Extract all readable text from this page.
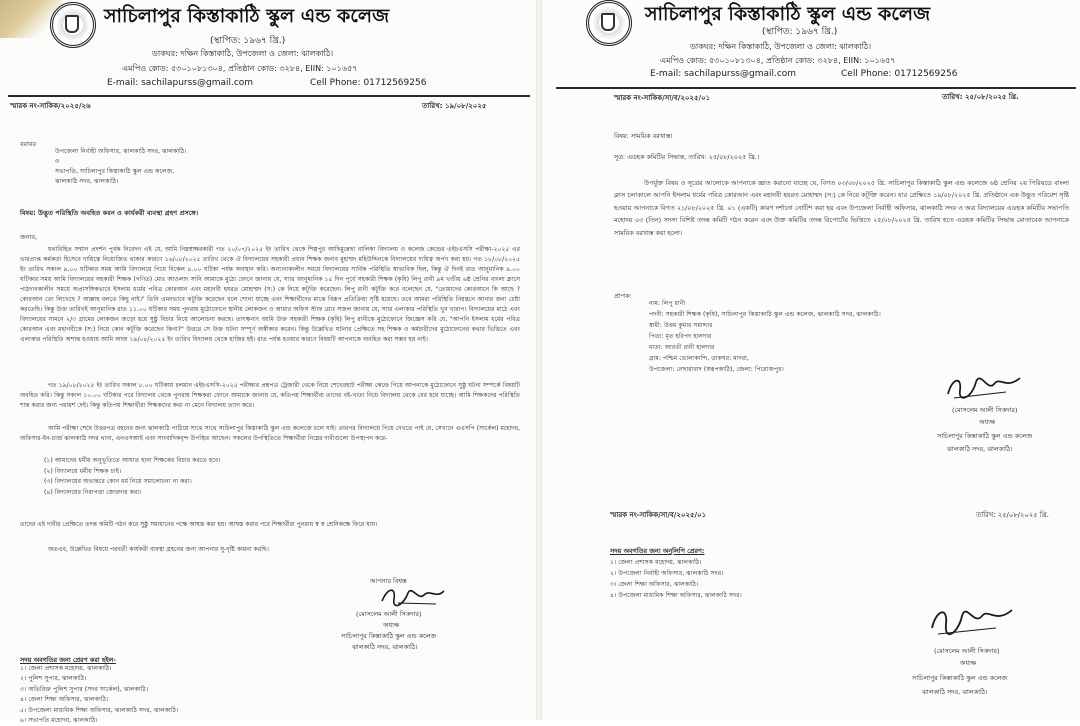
সাচিলাপুর কিস্তাকাঠি স্কুল এন্ড কলেজ
(স্থাপিত: ১৯৬৭ খ্রি.)
ডাকঘর: দক্ষিন কিস্তাকাঠি, উপজেলা ও জেলা: ঝালকাঠি।
এমপিও কোড: ৫৩০১০৮১৩০৪, প্রতিষ্ঠান কোড: ৩২৮৪, EIIN: ১০১৬৫৭
E-mail: sachilapurss@gmail.com	Cell Phone: 01712569256
স্মারক নং-সাকিক/২০২৫/২৬	তারিখ: ১৯/০৮/২০২৫
বরাবর
উপজেলা নির্বাহী অফিসার, ঝালকাঠি সদর, ঝালকাঠি।
ও
সভাপতি, সাচিলাপুর কিস্তাকাঠি স্কুল এন্ড কলেজ,
ঝালকাঠি সদর, ঝালকাঠি।
বিষয়: উদ্ভূত পরিস্থিতি অবহিত করন ও কার্যকরী ব্যবস্থা গ্রহণ প্রসঙ্গে।
জনাব,
যথাবিহিত সম্মান প্রদর্শন পূর্বক নিবেদন এই যে, আমি নিম্নস্বাক্ষরকারী গত ২০/০৭/২০২৫ ইং তারিখ থেকে শিল্পপুর আছিমুন্নেছা বালিকা বিদ্যালয় ও কলেজ কেন্দ্রের এইচএসসি পরীক্ষা-২০২৫ এর ভারপ্রাপ্ত কর্মকর্তা হিসেবে দায়িত্বে নিয়োজিত থাকার কারণে ১৬/০৮/২০২৫ তারিখ থেকে ঐ বিদ্যালয়ের সহকারী প্রধান শিক্ষক জনাব মুহাম্মদ মহিউদ্দিনকে বিদ্যালয়ের দায়িত্ব অর্পণ করা হয়। গত ১৮/০৮/২০২৫ ইং তারিখ সকাল ৯.০০ ঘটিকার সময় আমি বিদ্যালয়ে গিয়ে বিকেল ৪.০০ ঘটিকা পর্যন্ত অবস্থান করি। অন্যান্যকালীন সময়ে বিদ্যালয়ের সার্বিক পরিস্থিতি স্বাভাবিক ছিল, কিন্তু ঐ দিনই রাত আনুমানিক ৯.০০ ঘটিকার সময় আমি বিদ্যালয়ের সহকারী শিক্ষক (গণিত) মোঃ আওলাদ সানি আমাকে মুঠো ফোনে জানায় যে, স্যার আনুমানিক ১৫ দিন পূর্বে সহকারী শিক্ষক (কৃষি) লিপু রানী ৯ম খণ্ডীয় ৬ষ্ঠ শ্রেনির বাংলা ক্লাসে পাঠদানকালীন সময়ে অপ্রাসঙ্গিকভাবে ইসলাম ধর্মের পবিত্র কোরআন এবং মহানবী হযরত মোহাম্মদ (স:) কে নিয়ে কটূক্তি করেছেন। লিপু রানী কটূক্তি করে বলেছেন যে, "তোমাদের কোরআনে কি আছে ? কোরআন তো লিখেছে ? আল্লাহ বলতে কিছু নাই।" তিনি এমনভাবে কটূক্তি করেছেন বলে শোনা যাচ্ছে এবং শিক্ষার্থীদের মাঝে বিরূপ প্রতিক্রিয়া সৃষ্টি হয়েছে। তবে আমরা পরিস্থিতি নিয়ন্ত্রনে আনার জন্য চেষ্টা করতেছি। কিন্তু উক্ত তারিখই আনুমানিক রাত ১১.০০ ঘটিকার সময় পুনরায় মুঠোফোনে স্থানীয় লোকজন ও আমার অফিস স্টাফ মোঃ সজল জানায় যে, স্যার এলাকার পরিস্থিতি খুব খারাপ। বিদ্যালয়ের মাঠে এবং বিদ্যালয়ের সামনে ২/৩ গ্রামের লোকজন জড়ো হয়ে সুষ্ঠু বিচার নিয়ে আলোচনা করছে। তাৎক্ষনাৎ আমি উক্ত সহকারী শিক্ষক (কৃষি) লিপু রানীকে মুঠোফোনে জিজ্ঞেস করি যে, "আপনি ইসলাম ধর্মের পবিত্র কোরআন এবং মহানবীকে (স:) নিয়ে কোন কটূক্তি করেছেন কিনা?" উত্তরে সে উক্ত ঘটনা সম্পূর্ণ অস্বীকার করেন। কিন্তু উল্লেখিত ঘটনার প্রেক্ষিতে সহ শিক্ষক ও কর্মচারীদের মুঠোফোনের কথার ভিত্তিতে এবং এলাকার পরিস্থিতি অশান্ত হওয়ায় আমি আজ ১৯/০৮/২০২৫ ইং তারিখ বিদ্যালয় থেকে হাজির হই। রাত পর্যন্ত হওয়ার কারণে বিষয়টি আপনাকে অবহিত করা সম্ভব হয় নাই।
গত ১৯/০৮/২০২৫ ইং তারিখ সকাল ৮.০০ ঘটিকায় চলমান এইচএসসি-২০২৫ পরীক্ষার প্রশ্নপত্র ট্রেজারী থেকে নিয়ে শেখেরহাট পরীক্ষা কেন্দ্রে গিয়ে আপনাকে মুঠোফোনে সুষ্ঠু ঘটনা সম্পর্কে বিষয়টি অবহিত করি। কিন্তু সকাল ১০.০০ ঘটিকার পরে বিদ্যালয় থেকে পুনরায় শিক্ষকরা ফোনে আমাকে জানায় যে, কতিপয় শিক্ষার্থীরা তাদের বই-খাতা নিয়ে বিদ্যালয় থেকে বের হয়ে যাচ্ছে। আমি শিক্ষকদের পরিস্থিতি শান্ত করার জন্য পরামর্শ দেই। কিন্তু কতিপয় শিক্ষার্থীরা শিক্ষকদের কথা না মেনে বিদ্যালয় ত্যাগ করে।
আমি পরীক্ষা শেষে উত্তরপত্র বহনের জন্য ঝালকাঠি পাঠিয়ে সাথে সাথে সাচিলাপুর কিস্তাকাঠি স্কুল এন্ড কলেজে চলে যাই। তারপর বিদ্যালয়ে গিয়ে দেখতে পাই যে, সেখানে এএসপি (সার্কেল) মহোদয়, অফিসার-ইন-চার্জ ঝালকাঠি সদর থানা, এনএসআই এবং সাংবাদিকবৃন্দ উপস্থিত আছেন। সকলের উপস্থিতিতে শিক্ষার্থীরা নিম্নের দাবীগুলো উপস্থাপন করে-
(১) আমাদের ধর্মীয় অনুভূতিতে আঘাত হানা শিক্ষকের বিচার করতে হবে।
(২) বিদ্যালয়ে ধর্মীয় শিক্ষক চাই।
(৩) বিদ্যালয়ের অভ্যন্তরে কোন ধর্ম নিয়ে সমালোচনা না করা।
(৪) বিদ্যালয়ের নিরাপত্তা জোরদার করা।
তাদের এই দাবীর প্রেক্ষিতে তদন্ত কমিটি গঠন করে সুষ্ঠু সমাধানের পক্ষে আশ্বস্ত করা হয়। আশ্বস্ত করার পরে শিক্ষার্থীরা পুনরায় স্ব স্ব শ্রেনিকক্ষে ফিরে যায়।
অতএব, উল্লেখিত বিষয়ে পরবর্তী কার্যকরী ব্যবস্থা গ্রহনের জন্য আপনার সু-দৃষ্টি কামনা করছি।
আপনার বিশ্বস্ত
(মোসলেম আলী সিকদার)
অধ্যক্ষ
সাচিলাপুর কিস্তাকাঠি স্কুল এন্ড কলেজ
ঝালকাঠি সদর, ঝালকাঠি।
সদয় অবগতির জন্য প্রেরণ করা হইল-
১। জেলা প্রশাসক মহোদয়, ঝালকাঠি।
২। পুলিশ সুপার, ঝালকাঠি।
৩। অতিরিক্ত পুলিশ সুপার (সদর সার্কেল), ঝালকাঠি।
৪। জেলা শিক্ষা অফিসার, ঝালকাঠি।
৫। উপজেলা মাধ্যমিক শিক্ষা অফিসার, ঝালকাঠি সদর, ঝালকাঠি।
৬। সভাপতি মহোদয়, ঝালকাঠি।
সাচিলাপুর কিস্তাকাঠি স্কুল এন্ড কলেজ
(স্থাপিত: ১৯৬৭ খ্রি.)
ডাকঘর: দক্ষিন কিস্তাকাঠি, উপজেলা ও জেলা: ঝালকাঠি।
এমপিও কোড: ৫৩০১০৮১৩০৪, প্রতিষ্ঠান কোড: ৩২৮৪, EIIN: ১০১৬৫৭
E-mail: sachilapurss@gmail.com	Cell Phone: 01712569256
স্মারক নং-সাকিক/সা/ব/২০২৫/০১	তারিখ: ২৫/০৮/২০২৫ খ্রি.
বিষয়: সাময়িক বরখাস্ত।
সূত্র: এডহক কমিটির সিদ্ধান্ত, তারিখ: ২৫/০৮/২০২৫ খ্রি.।
উপর্যুক্ত বিষয় ও সূত্রের আলোকে আপনাকে জ্ঞাত করানো যাচ্ছে যে, বিগত ০৩/০৮/২০২৫ খ্রি. সাচিলাপুর কিস্তাকাঠি স্কুল এন্ড কলেজে ৬ষ্ঠ শ্রেনির ২য় পিরিয়ডে বাংলা ক্লাস চলাকালে আপনি ইসলাম ধর্মের পবিত্র কোরআন এবং মহানবী হযরত মোহাম্মদ (স:) কে নিয়ে কটূক্তি করেন। যার প্রেক্ষিতে ১৯/০৮/২০২৫ খ্রি. প্রতিষ্ঠানে এক উদ্ভূত পরিবেশ সৃষ্টি হওয়ায় আপনাকে বিগত ২১/০৮/২০২৫ খ্রি. ০১ (একটি) কারণ দর্শানো নোটিশ করা হয় এবং উপজেলা নির্বাহী অফিসার, ঝালকাঠি সদর ও অত্র বিদ্যালয়ের এডহক কমিটির সভাপতি মহোদয় ০৩ (তিন) সদস্য বিশিষ্ট তদন্ত কমিটি গঠন করেন এবং উক্ত কমিটির তদন্ত রিপোর্টের ভিত্তিতে ২৫/০৮/২০২৫ খ্রি. তারিখ হতে এডহক কমিটির সিদ্ধান্ত মোতাবেক আপনাকে সাময়িক বরখাস্ত করা হলো।
প্রাপক:
নাম: লিপু রানী
পদবী: সহকারী শিক্ষক (কৃষি), সাচিলাপুর কিস্তাকাঠি স্কুল এন্ড কলেজ, ঝালকাঠি সদর, ঝালকাঠি।
স্বামী: উত্তম কুমার সমাদ্দার
পিতা: মৃত হরিপদ হালদার
মাতা: আরতী রানী হালদার
গ্রাম: পশ্চিম ভোলাকান্দি, ডাকঘর: মাদরা,
উপজেলা: নেছারাবাদ (স্বরূপকাঠি), জেলা: পিরোজপুর।
(মোসলেম আলী সিকদার)
অধ্যক্ষ
সাচিলাপুর কিস্তাকাঠি স্কুল এন্ড কলেজ
ঝালকাঠি সদর, ঝালকাঠি।
স্মারক নং-সাকিক/সা/ব/২০২৫/০১	তারিখ: ২৫/০৮/২০২৫ খ্রি.
সদয় অবগতির জন্য অনুলিপি প্রেরণ:
১। জেলা প্রশাসক মহোদয়, ঝালকাঠি।
২। উপজেলা নির্বাহী অফিসার, ঝালকাঠি সদর।
৩। জেলা শিক্ষা অফিসার, ঝালকাঠি।
৪। উপজেলা মাধ্যমিক শিক্ষা অফিসার, ঝালকাঠি সদর।
(মোসলেম আলী সিকদার)
অধ্যক্ষ
সাচিলাপুর কিস্তাকাঠি স্কুল এন্ড কলেজ
ঝালকাঠি সদর, ঝালকাঠি।
